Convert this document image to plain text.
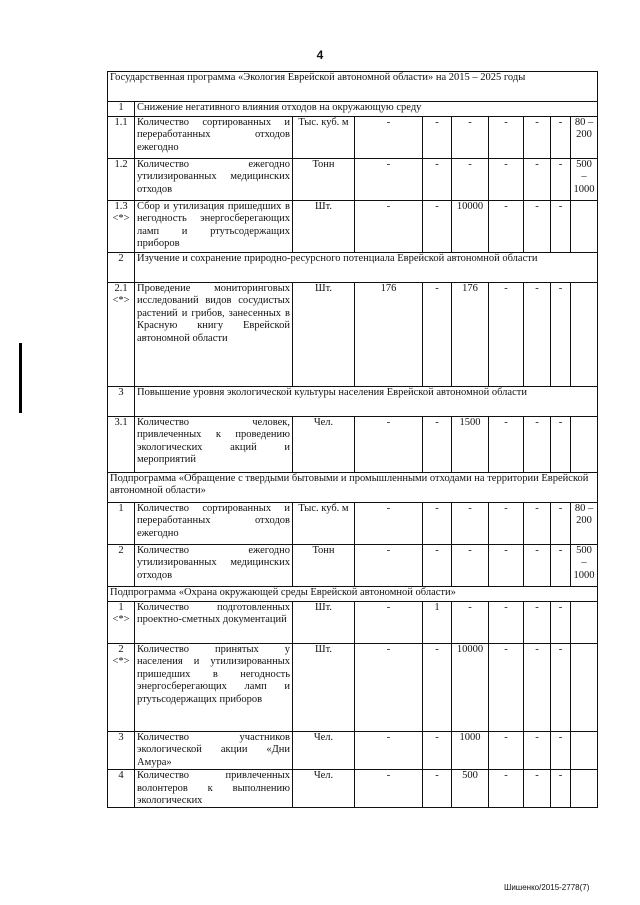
4
Государственная программа «Экология Еврейской автономной области» на 2015 – 2025 годы									
1	Снижение негативного влияния отходов на окружающую среду								
1.1	Количество сортированных и переработанных отходов ежегодно	Тыс. куб. м	-	-	-	-	-	-	80 – 200
1.2	Количество ежегодно утилизированных медицинских отходов	Тонн	-	-	-	-	-	-	500 – 1000
1.3 <*>	Сбор и утилизация пришедших в негодность энергосберегающих ламп и ртутьсодержащих приборов	Шт.	-	-	10000	-	-	-	
2	Изучение и сохранение природно-ресурсного потенциала Еврейской автономной области								
2.1 <*>	Проведение мониторинговых исследований видов сосудистых растений и грибов, занесенных в Красную книгу Еврейской автономной области	Шт.	176	-	176	-	-	-	
3	Повышение уровня экологической культуры населения Еврейской автономной области								
3.1	Количество человек, привлеченных к проведению экологических акций и мероприятий	Чел.	-	-	1500	-	-	-	
Подпрограмма «Обращение с твердыми бытовыми и промышленными отходами на территории Еврейской автономной области»									
1	Количество сортированных и переработанных отходов ежегодно	Тыс. куб. м	-	-	-	-	-	-	80 – 200
2	Количество ежегодно утилизированных медицинских отходов	Тонн	-	-	-	-	-	-	500 – 1000
Подпрограмма «Охрана окружающей среды Еврейской автономной области»									
1 <*>	Количество подготовленных проектно-сметных документаций	Шт.	-	1	-	-	-	-	
2 <*>	Количество принятых у населения и утилизированных пришедших в негодность энергосберегающих ламп и ртутьсодержащих приборов	Шт.	-	-	10000	-	-	-	
3	Количество участников экологической акции «Дни Амура»	Чел.	-	-	1000	-	-	-	
4	Количество привлеченных волонтеров к выполнению экологических	Чел.	-	-	500	-	-	-	
Шишенко/2015-2778(7)
